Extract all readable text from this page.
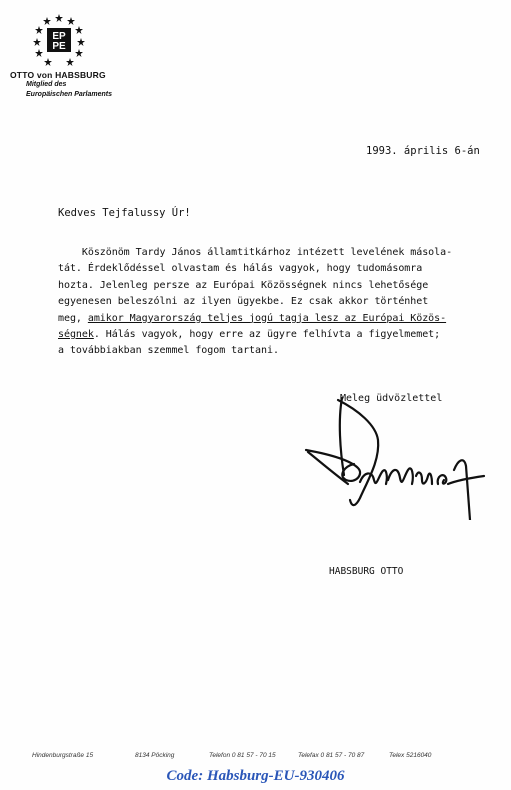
EP
PE
OTTO von HABSBURG
Mitglied des
Europäischen Parlaments
1993. április 6-án
Kedves Tejfalussy Úr!
Köszönöm Tardy János államtitkárhoz intézett levelének másola-
tát. Érdeklődéssel olvastam és hálás vagyok, hogy tudomásomra
hozta. Jelenleg persze az Európai Közösségnek nincs lehetősége
egyenesen beleszólni az ilyen ügyekbe. Ez csak akkor történhet
meg, amikor Magyarország teljes jogú tagja lesz az Európai Közös-
ségnek. Hálás vagyok, hogy erre az ügyre felhívta a figyelmemet;
a továbbiakban szemmel fogom tartani.
Meleg üdvözlettel
HABSBURG OTTO
Hindenburgstraße 15	8134 Pöcking	Telefon 0 81 57 - 70 15	Telefax 0 81 57 - 70 87	Telex 5216040
Code: Habsburg-EU-930406
